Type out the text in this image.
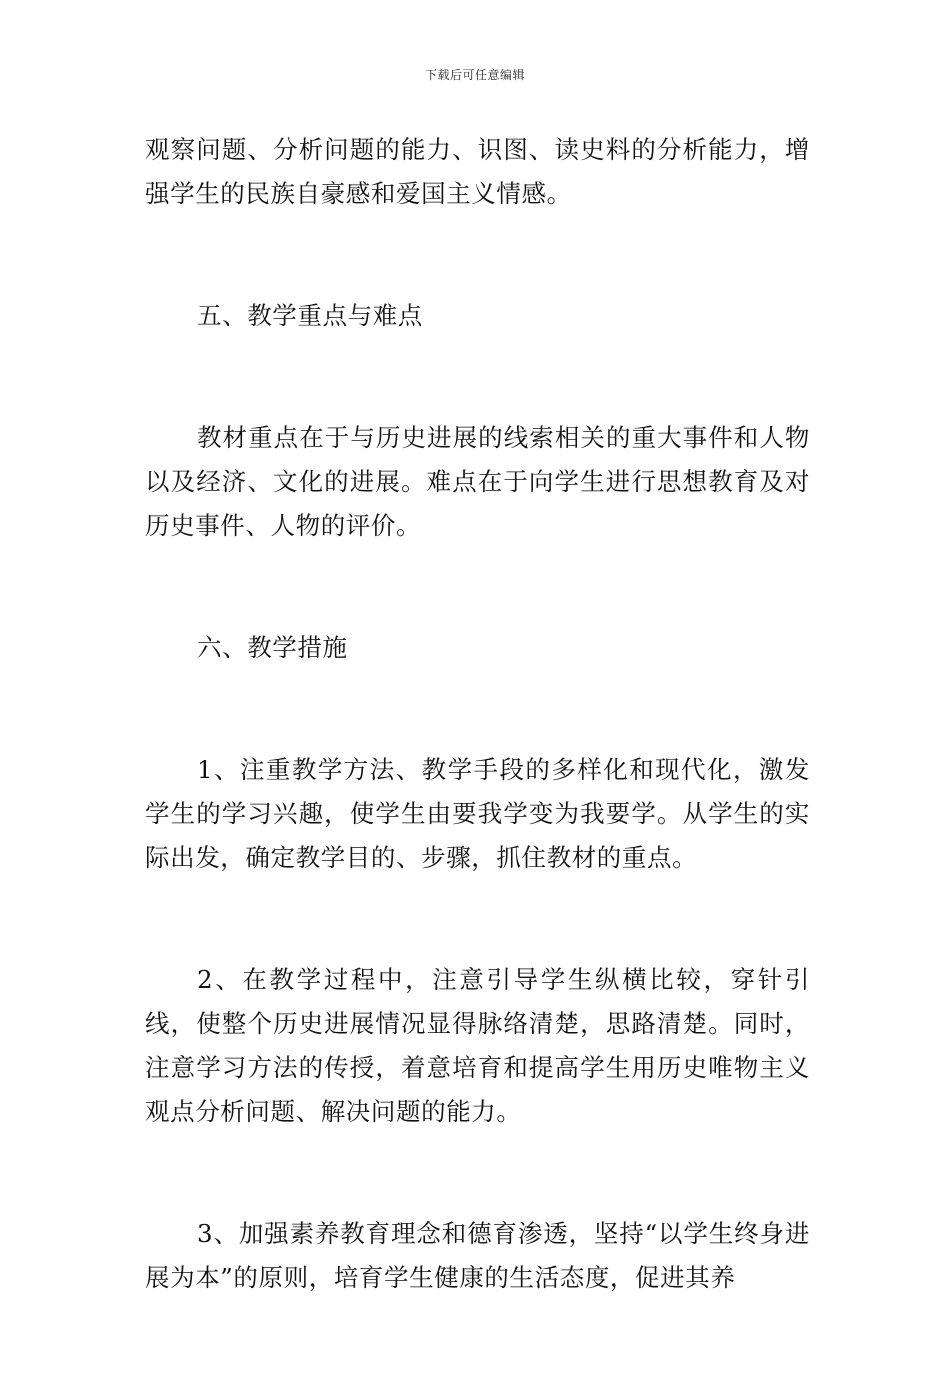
下载后可任意编辑

观察问题、分析问题的能力、识图、读史料的分析能力，增强学生的民族自豪感和爱国主义情感。

五、教学重点与难点

教材重点在于与历史进展的线索相关的重大事件和人物以及经济、文化的进展。难点在于向学生进行思想教育及对历史事件、人物的评价。

六、教学措施

1、注重教学方法、教学手段的多样化和现代化，激发学生的学习兴趣，使学生由要我学变为我要学。从学生的实际出发，确定教学目的、步骤，抓住教材的重点。

2、在教学过程中，注意引导学生纵横比较，穿针引线，使整个历史进展情况显得脉络清楚，思路清楚。同时，注意学习方法的传授，着意培育和提高学生用历史唯物主义观点分析问题、解决问题的能力。

3、加强素养教育理念和德育渗透，坚持“以学生终身进展为本”的原则，培育学生健康的生活态度，促进其养
